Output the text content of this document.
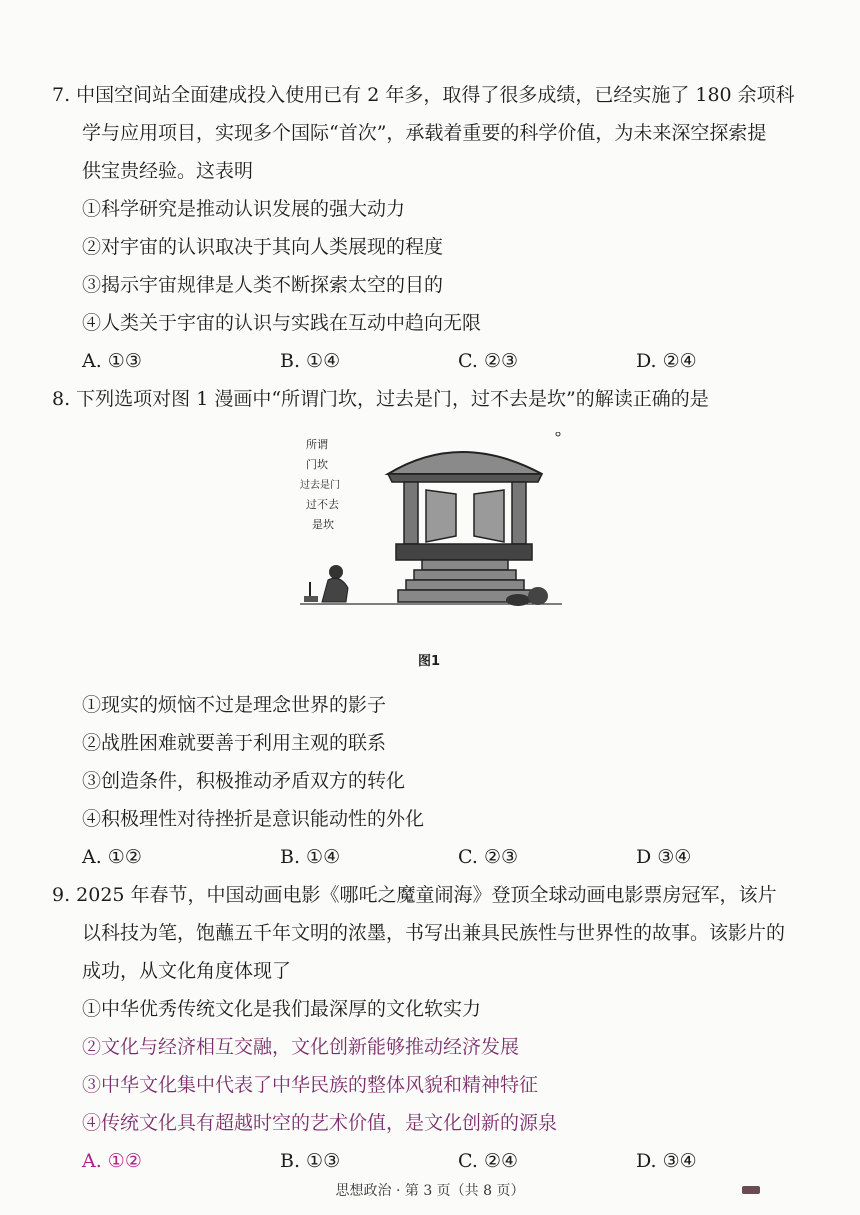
7. 中国空间站全面建成投入使用已有 2 年多，取得了很多成绩，已经实施了 180 余项科
学与应用项目，实现多个国际“首次”，承载着重要的科学价值，为未来深空探索提
供宝贵经验。这表明
①科学研究是推动认识发展的强大动力
②对宇宙的认识取决于其向人类展现的程度
③揭示宇宙规律是人类不断探索太空的目的
④人类关于宇宙的认识与实践在互动中趋向无限
A. ①③	B. ①④	C. ②③	D. ②④
8. 下列选项对图 1 漫画中“所谓门坎，过去是门，过不去是坎”的解读正确的是
所谓
门坎
过去是门
过不去
是坎
图1
①现实的烦恼不过是理念世界的影子
②战胜困难就要善于利用主观的联系
③创造条件，积极推动矛盾双方的转化
④积极理性对待挫折是意识能动性的外化
A. ①②	B. ①④	C. ②③	D ③④
9. 2025 年春节，中国动画电影《哪吒之魔童闹海》登顶全球动画电影票房冠军，该片
以科技为笔，饱蘸五千年文明的浓墨，书写出兼具民族性与世界性的故事。该影片的
成功，从文化角度体现了
①中华优秀传统文化是我们最深厚的文化软实力
②文化与经济相互交融，文化创新能够推动经济发展
③中华文化集中代表了中华民族的整体风貌和精神特征
④传统文化具有超越时空的艺术价值，是文化创新的源泉
A. ①②	B. ①③	C. ②④	D. ③④
思想政治 · 第 3 页（共 8 页）
